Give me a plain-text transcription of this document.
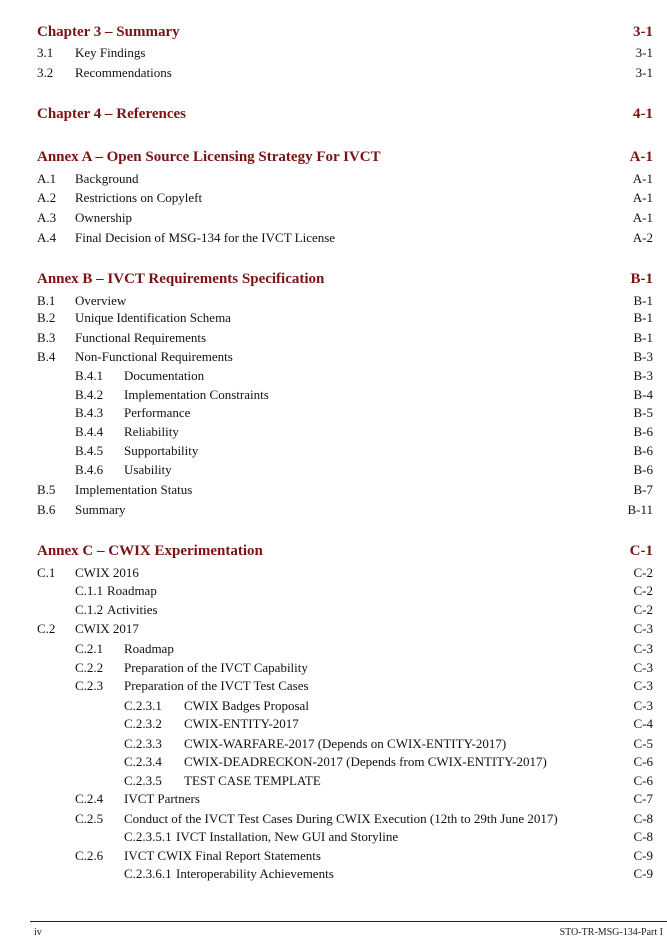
Chapter 3 – Summary	3-1
3.1 Key Findings	3-1
3.2 Recommendations	3-1
Chapter 4 – References	4-1
Annex A – Open Source Licensing Strategy For IVCT	A-1
A.1 Background	A-1
A.2 Restrictions on Copyleft	A-1
A.3 Ownership	A-1
A.4 Final Decision of MSG-134 for the IVCT License	A-2
Annex B – IVCT Requirements Specification	B-1
B.1 Overview	B-1
B.2 Unique Identification Schema	B-1
B.3 Functional Requirements	B-1
B.4 Non-Functional Requirements	B-3
B.4.1 Documentation	B-3
B.4.2 Implementation Constraints	B-4
B.4.3 Performance	B-5
B.4.4 Reliability	B-6
B.4.5 Supportability	B-6
B.4.6 Usability	B-6
B.5 Implementation Status	B-7
B.6 Summary	B-11
Annex C – CWIX Experimentation	C-1
C.1 CWIX 2016	C-2
C.1.1 Roadmap	C-2
C.1.2 Activities	C-2
C.2 CWIX 2017	C-3
C.2.1 Roadmap	C-3
C.2.2 Preparation of the IVCT Capability	C-3
C.2.3 Preparation of the IVCT Test Cases	C-3
C.2.3.1 CWIX Badges Proposal	C-3
C.2.3.2 CWIX-ENTITY-2017	C-4
C.2.3.3 CWIX-WARFARE-2017 (Depends on CWIX-ENTITY-2017)	C-5
C.2.3.4 CWIX-DEADRECKON-2017 (Depends from CWIX-ENTITY-2017)	C-6
C.2.3.5 TEST CASE TEMPLATE	C-6
C.2.4 IVCT Partners	C-7
C.2.5 Conduct of the IVCT Test Cases During CWIX Execution (12th to 29th June 2017)	C-8
C.2.3.5.1 IVCT Installation, New GUI and Storyline	C-8
C.2.6 IVCT CWIX Final Report Statements	C-9
C.2.3.6.1 Interoperability Achievements	C-9
iv	STO-TR-MSG-134-Part I
